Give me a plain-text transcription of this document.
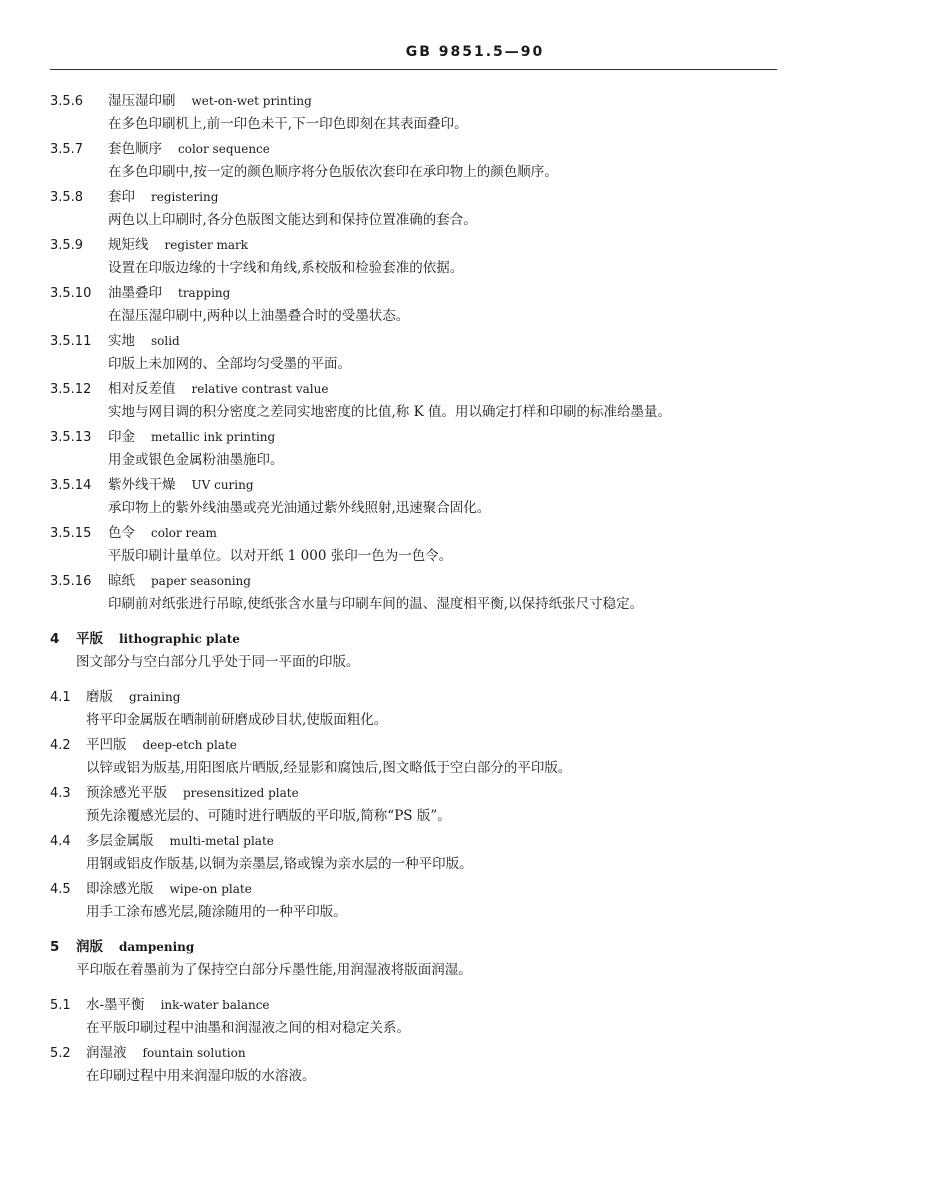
GB 9851.5—90
3.5.6	湿压湿印刷 wet-on-wet printing
在多色印刷机上,前一印色未干,下一印色即刻在其表面叠印。
3.5.7	套色顺序 color sequence
在多色印刷中,按一定的颜色顺序将分色版依次套印在承印物上的颜色顺序。
3.5.8	套印 registering
两色以上印刷时,各分色版图文能达到和保持位置准确的套合。
3.5.9	规矩线 register mark
设置在印版边缘的十字线和角线,系校版和检验套准的依据。
3.5.10	油墨叠印 trapping
在湿压湿印刷中,两种以上油墨叠合时的受墨状态。
3.5.11	实地 solid
印版上未加网的、全部均匀受墨的平面。
3.5.12	相对反差值 relative contrast value
实地与网目调的积分密度之差同实地密度的比值,称 K 值。用以确定打样和印刷的标准给墨量。
3.5.13	印金 metallic ink printing
用金或银色金属粉油墨施印。
3.5.14	紫外线干燥 UV curing
承印物上的紫外线油墨或亮光油通过紫外线照射,迅速聚合固化。
3.5.15	色令 color ream
平版印刷计量单位。以对开纸 1 000 张印一色为一色令。
3.5.16	晾纸 paper seasoning
印刷前对纸张进行吊晾,使纸张含水量与印刷车间的温、湿度相平衡,以保持纸张尺寸稳定。
4	平版 lithographic plate
图文部分与空白部分几乎处于同一平面的印版。
4.1	磨版 graining
将平印金属版在晒制前研磨成砂目状,使版面粗化。
4.2	平凹版 deep-etch plate
以锌或铝为版基,用阳图底片晒版,经显影和腐蚀后,图文略低于空白部分的平印版。
4.3	预涂感光平版 presensitized plate
预先涂覆感光层的、可随时进行晒版的平印版,简称“PS 版”。
4.4	多层金属版 multi-metal plate
用钢或铝皮作版基,以铜为亲墨层,铬或镍为亲水层的一种平印版。
4.5	即涂感光版 wipe-on plate
用手工涂布感光层,随涂随用的一种平印版。
5	润版 dampening
平印版在着墨前为了保持空白部分斥墨性能,用润湿液将版面润湿。
5.1	水-墨平衡 ink-water balance
在平版印刷过程中油墨和润湿液之间的相对稳定关系。
5.2	润湿液 fountain solution
在印刷过程中用来润湿印版的水溶液。
